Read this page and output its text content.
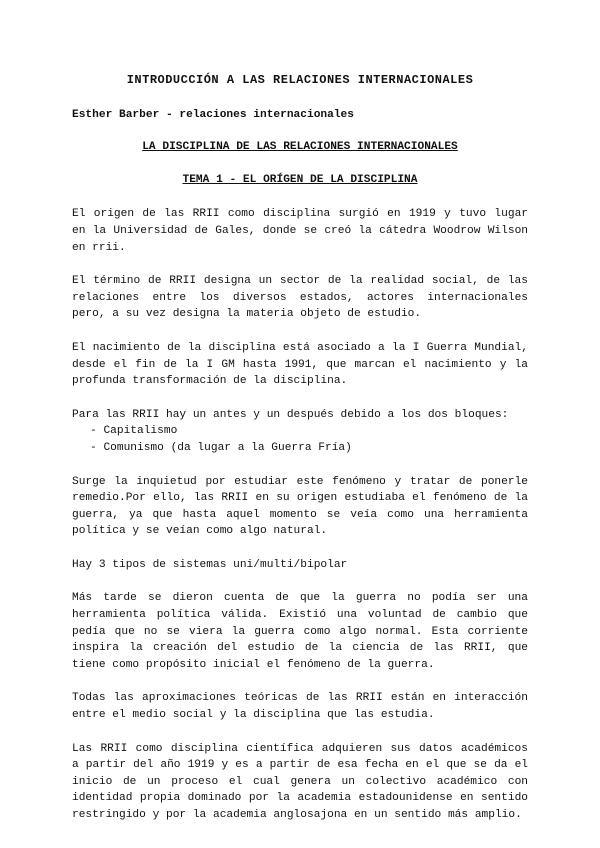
INTRODUCCIÓN A LAS RELACIONES INTERNACIONALES
Esther Barber - relaciones internacionales
LA DISCIPLINA DE LAS RELACIONES INTERNACIONALES
TEMA 1 - EL ORÍGEN DE LA DISCIPLINA

El origen de las RRII como disciplina surgió en 1919 y tuvo lugar en la Universidad de Gales, donde se creó la cátedra Woodrow Wilson en rrii.

El término de RRII designa un sector de la realidad social, de las relaciones entre los diversos estados, actores internacionales pero, a su vez designa la materia objeto de estudio.

El nacimiento de la disciplina está asociado a la I Guerra Mundial, desde el fin de la I GM hasta 1991, que marcan el nacimiento y la profunda transformación de la disciplina.

Para las RRII hay un antes y un después debido a los dos bloques:

- Capitalismo
- Comunismo (da lugar a la Guerra Fría)

Surge la inquietud por estudiar este fenómeno y tratar de ponerle remedio.Por ello, las RRII en su origen estudiaba el fenómeno de la guerra, ya que hasta aquel momento se veía como una herramienta política y se veían como algo natural.

Hay 3 tipos de sistemas uni/multi/bipolar

Más tarde se dieron cuenta de que la guerra no podía ser una herramienta política válida. Existió una voluntad de cambio que pedía que no se viera la guerra como algo normal. Esta corriente inspira la creación del estudio de la ciencia de las RRII, que tiene como propósito inicial el fenómeno de la guerra.

Todas las aproximaciones teóricas de las RRII están en interacción entre el medio social y la disciplina que las estudia.

Las RRII como disciplina científica adquieren sus datos académicos a partir del año 1919 y es a partir de esa fecha en el que se da el inicio de un proceso el cual genera un colectivo académico con identidad propia dominado por la academia estadounidense en sentido restringido y por la academia anglosajona en un sentido más amplio.
